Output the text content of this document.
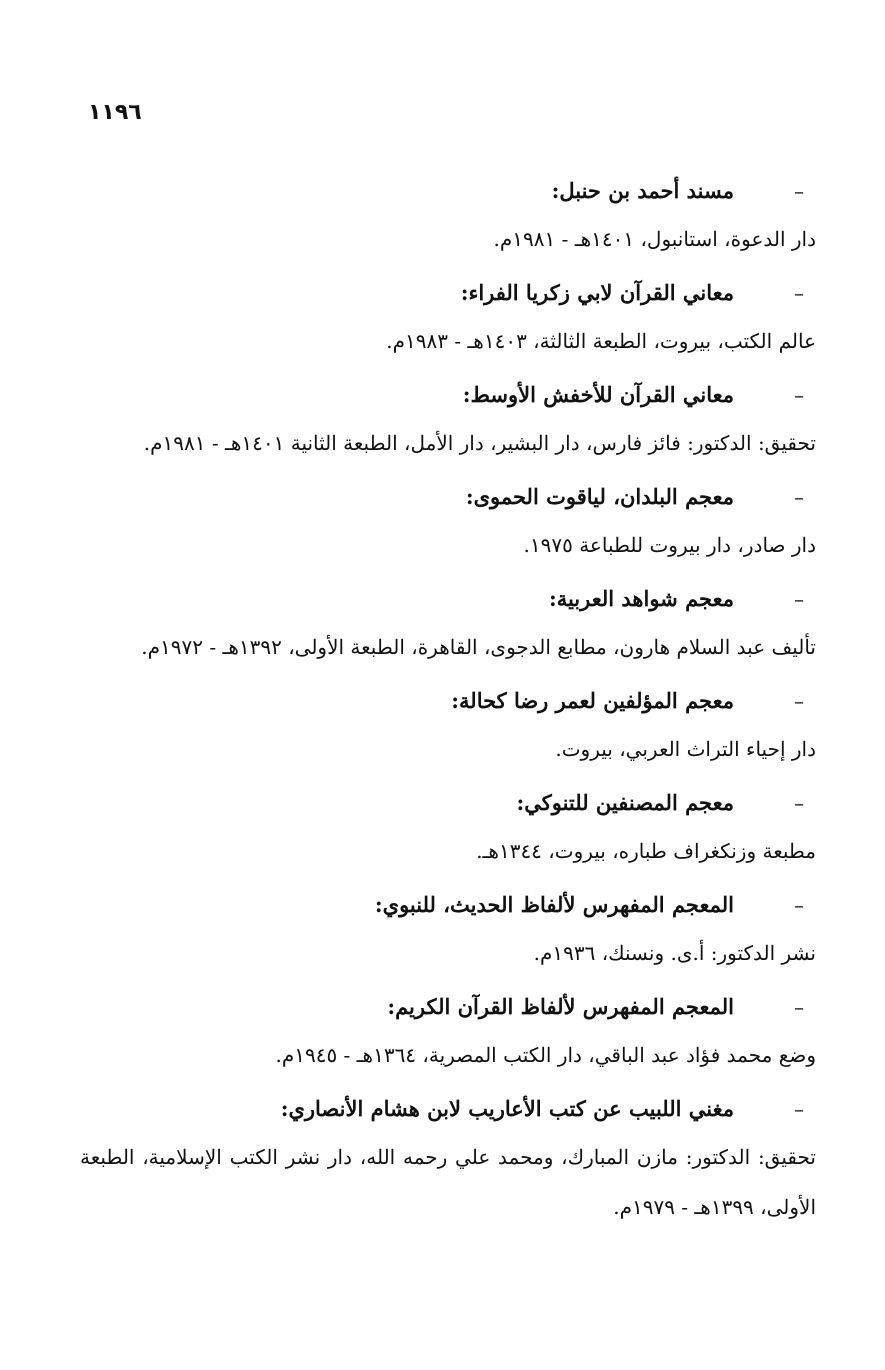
١١٩٦
–
مسند أحمد بن حنبل:
دار الدعوة، استانبول، ١٤٠١هـ - ١٩٨١م.
–
معاني القرآن لابي زكريا الفراء:
عالم الكتب، بيروت، الطبعة الثالثة، ١٤٠٣هـ - ١٩٨٣م.
–
معاني القرآن للأخفش الأوسط:
تحقيق: الدكتور: فائز فارس، دار البشير، دار الأمل، الطبعة الثانية ١٤٠١هـ - ١٩٨١م.
–
معجم البلدان، لياقوت الحموى:
دار صادر، دار بيروت للطباعة ١٩٧٥.
–
معجم شواهد العربية:
تأليف عبد السلام هارون، مطابع الدجوى، القاهرة، الطبعة الأولى، ١٣٩٢هـ - ١٩٧٢م.
–
معجم المؤلفين لعمر رضا كحالة:
دار إحياء التراث العربي، بيروت.
–
معجم المصنفين للتنوكي:
مطبعة وزنكغراف طباره، بيروت، ١٣٤٤هـ.
–
المعجم المفهرس لألفاظ الحديث، للنبوي:
نشر الدكتور: أ.ى. ونسنك، ١٩٣٦م.
–
المعجم المفهرس لألفاظ القرآن الكريم:
وضع محمد فؤاد عبد الباقي، دار الكتب المصرية، ١٣٦٤هـ - ١٩٤٥م.
–
مغني اللبيب عن كتب الأعاريب لابن هشام الأنصاري:
تحقيق: الدكتور: مازن المبارك، ومحمد علي رحمه الله، دار نشر الكتب الإسلامية، الطبعة الأولى، ١٣٩٩هـ - ١٩٧٩م.
